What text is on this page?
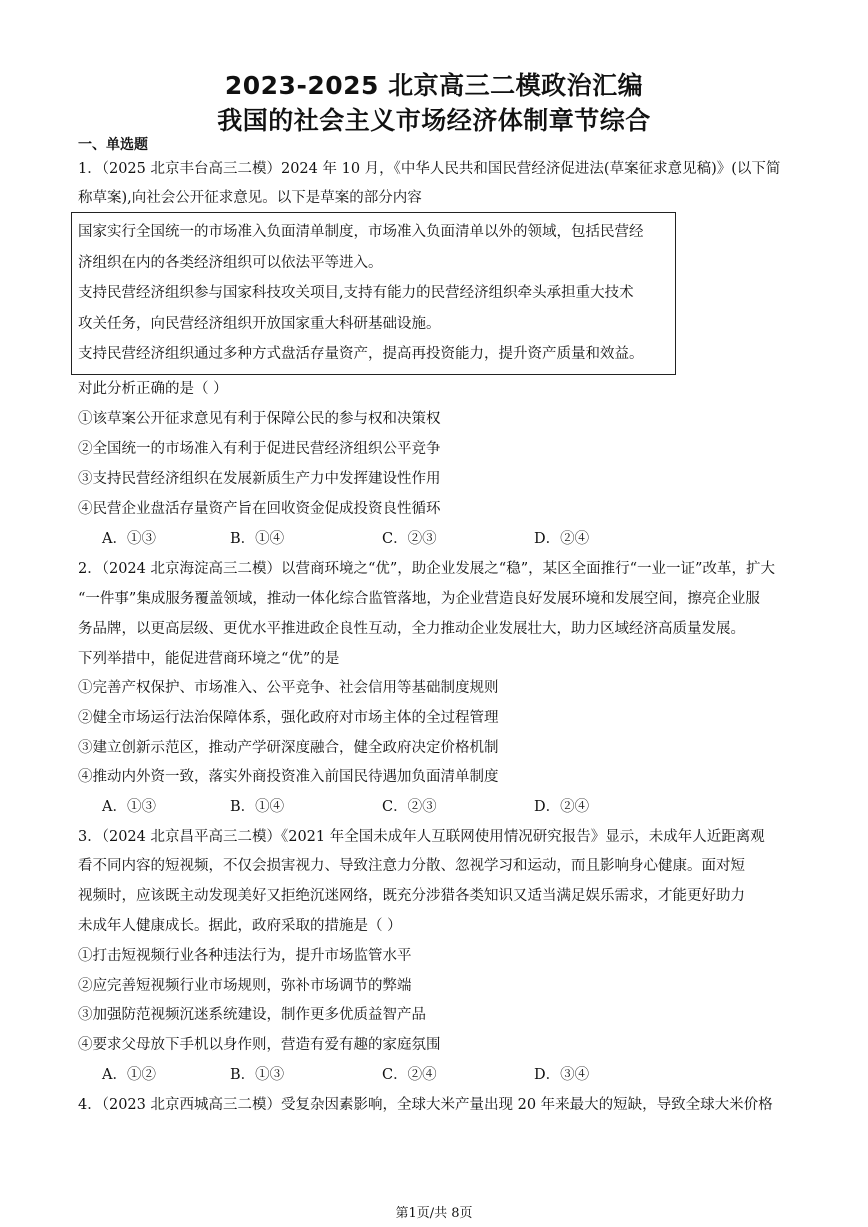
2023-2025 北京高三二模政治汇编
我国的社会主义市场经济体制章节综合
一、单选题
1．（2025 北京丰台高三二模）2024 年 10 月，《中华人民共和国民营经济促进法(草案征求意见稿)》(以下简
称草案),向社会公开征求意见。以下是草案的部分内容
国家实行全国统一的市场准入负面清单制度，市场准入负面清单以外的领域，包括民营经
济组织在内的各类经济组织可以依法平等进入。
支持民营经济组织参与国家科技攻关项目,支持有能力的民营经济组织牵头承担重大技术
攻关任务，向民营经济组织开放国家重大科研基础设施。
支持民营经济组织通过多种方式盘活存量资产，提高再投资能力，提升资产质量和效益。
对此分析正确的是（ ）
①该草案公开征求意见有利于保障公民的参与权和决策权
②全国统一的市场准入有利于促进民营经济组织公平竞争
③支持民营经济组织在发展新质生产力中发挥建设性作用
④民营企业盘活存量资产旨在回收资金促成投资良性循环
A．①③	B．①④	C．②③	D．②④
2．（2024 北京海淀高三二模）以营商环境之“优”，助企业发展之“稳”，某区全面推行“一业一证”改革，扩大
“一件事”集成服务覆盖领域，推动一体化综合监管落地，为企业营造良好发展环境和发展空间，擦亮企业服
务品牌，以更高层级、更优水平推进政企良性互动，全力推动企业发展壮大，助力区域经济高质量发展。
下列举措中，能促进营商环境之“优”的是
①完善产权保护、市场准入、公平竞争、社会信用等基础制度规则
②健全市场运行法治保障体系，强化政府对市场主体的全过程管理
③建立创新示范区，推动产学研深度融合，健全政府决定价格机制
④推动内外资一致，落实外商投资准入前国民待遇加负面清单制度
A．①③	B．①④	C．②③	D．②④
3．（2024 北京昌平高三二模）《2021 年全国未成年人互联网使用情况研究报告》显示，未成年人近距离观
看不同内容的短视频，不仅会损害视力、导致注意力分散、忽视学习和运动，而且影响身心健康。面对短
视频时，应该既主动发现美好又拒绝沉迷网络，既充分涉猎各类知识又适当满足娱乐需求，才能更好助力
未成年人健康成长。据此，政府采取的措施是（ ）
①打击短视频行业各种违法行为，提升市场监管水平
②应完善短视频行业市场规则，弥补市场调节的弊端
③加强防范视频沉迷系统建设，制作更多优质益智产品
④要求父母放下手机以身作则，营造有爱有趣的家庭氛围
A．①②	B．①③	C．②④	D．③④
4．（2023 北京西城高三二模）受复杂因素影响，全球大米产量出现 20 年来最大的短缺，导致全球大米价格
第1页/共 8页
